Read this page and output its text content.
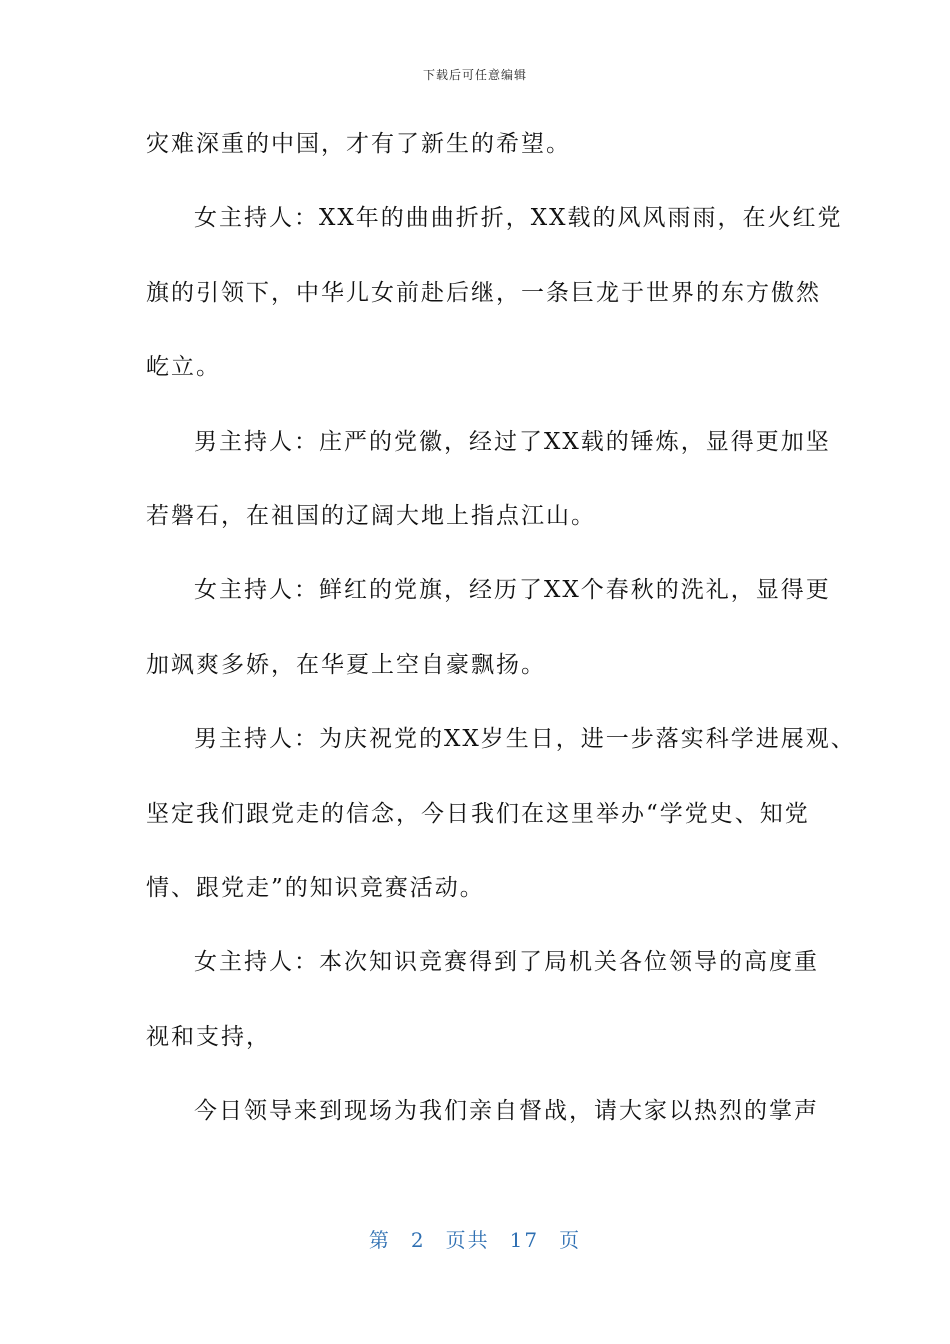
下载后可任意编辑
灾难深重的中国，才有了新生的希望。
女主持人：XX年的曲曲折折，XX载的风风雨雨，在火红党
旗的引领下，中华儿女前赴后继，一条巨龙于世界的东方傲然
屹立。
男主持人：庄严的党徽，经过了XX载的锤炼，显得更加坚
若磐石，在祖国的辽阔大地上指点江山。
女主持人：鲜红的党旗，经历了XX个春秋的洗礼，显得更
加飒爽多娇，在华夏上空自豪飘扬。
男主持人：为庆祝党的XX岁生日，进一步落实科学进展观、
坚定我们跟党走的信念，今日我们在这里举办“学党史、知党
情、跟党走”的知识竞赛活动。
女主持人：本次知识竞赛得到了局机关各位领导的高度重
视和支持，
今日领导来到现场为我们亲自督战，请大家以热烈的掌声
第 2 页共 17 页
